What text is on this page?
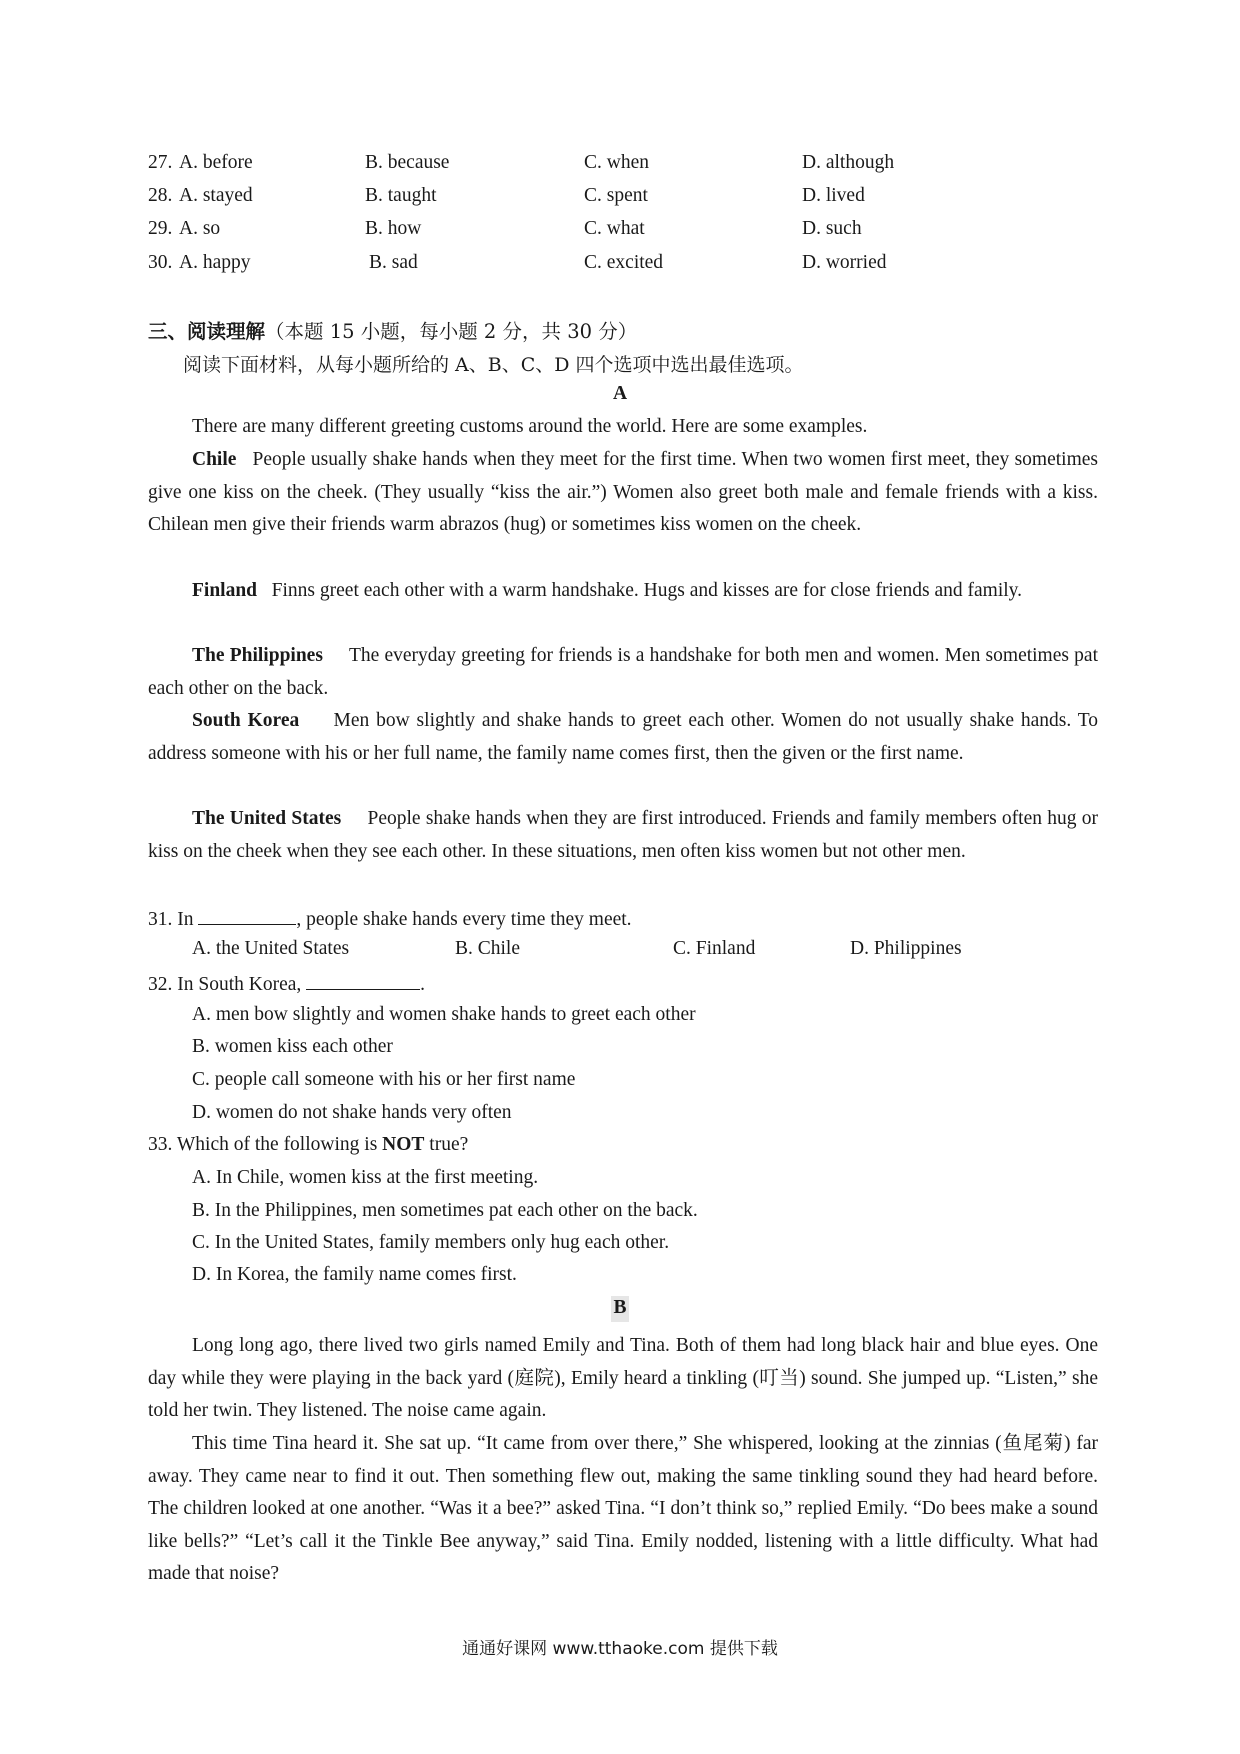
27. A. before	B. because	C. when	D. although
28. A. stayed	B. taught	C. spent	D. lived
29. A. so	B. how	C. what	D. such
30. A. happy	B. sad	C. excited	D. worried
三、阅读理解（本题 15 小题，每小题 2 分，共 30 分）
阅读下面材料，从每小题所给的 A、B、C、D 四个选项中选出最佳选项。
A

There are many different greeting customs around the world. Here are some examples.

Chile People usually shake hands when they meet for the first time. When two women first meet, they sometimes give one kiss on the cheek. (They usually “kiss the air.”) Women also greet both male and female friends with a kiss. Chilean men give their friends warm abrazos (hug) or sometimes kiss women on the cheek.

Finland Finns greet each other with a warm handshake. Hugs and kisses are for close friends and family.

The Philippines The everyday greeting for friends is a handshake for both men and women. Men sometimes pat each other on the back.

South Korea Men bow slightly and shake hands to greet each other. Women do not usually shake hands. To address someone with his or her full name, the family name comes first, then the given or the first name.

The United States People shake hands when they are first introduced. Friends and family members often hug or kiss on the cheek when they see each other. In these situations, men often kiss women but not other men.

31. In	, people shake hands every time they meet.
A. the United States	B. Chile	C. Finland	D. Philippines
32. In South Korea,	.
A. men bow slightly and women shake hands to greet each other
B. women kiss each other
C. people call someone with his or her first name
D. women do not shake hands very often
33. Which of the following is NOT true?
A. In Chile, women kiss at the first meeting.
B. In the Philippines, men sometimes pat each other on the back.
C. In the United States, family members only hug each other.
D. In Korea, the family name comes first.
B

Long long ago, there lived two girls named Emily and Tina. Both of them had long black hair and blue eyes. One day while they were playing in the back yard (庭院), Emily heard a tinkling (叮当) sound. She jumped up. “Listen,” she told her twin. They listened. The noise came again.

This time Tina heard it. She sat up. “It came from over there,” She whispered, looking at the zinnias (鱼尾菊) far away. They came near to find it out. Then something flew out, making the same tinkling sound they had heard before. The children looked at one another. “Was it a bee?” asked Tina. “I don’t think so,” replied Emily. “Do bees make a sound like bells?” “Let’s call it the Tinkle Bee anyway,” said Tina. Emily nodded, listening with a little difficulty. What had made that noise?

通通好课网 www.tthaoke.com 提供下载
